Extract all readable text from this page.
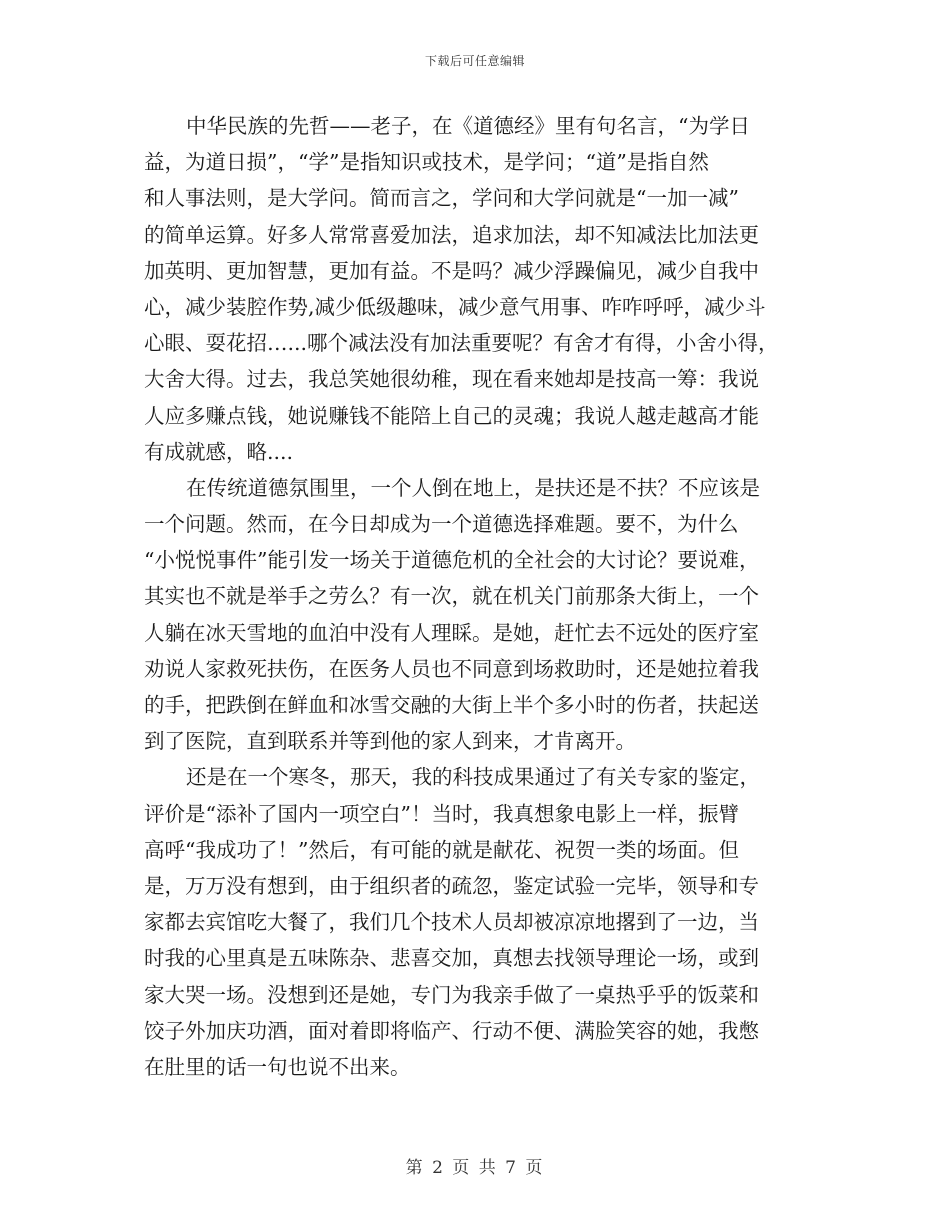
下载后可任意编辑
中华民族的先哲——老子，在《道德经》里有句名言，“为学日
益，为道日损”，“学”是指知识或技术，是学问；“道”是指自然
和人事法则，是大学问。简而言之，学问和大学问就是“一加一减”
的简单运算。好多人常常喜爱加法，追求加法，却不知减法比加法更
加英明、更加智慧，更加有益。不是吗？减少浮躁偏见，减少自我中
心，减少装腔作势,减少低级趣味，减少意气用事、咋咋呼呼，减少斗
心眼、耍花招…...哪个减法没有加法重要呢？有舍才有得，小舍小得，
大舍大得。过去，我总笑她很幼稚，现在看来她却是技高一筹：我说
人应多赚点钱，她说赚钱不能陪上自己的灵魂；我说人越走越高才能
有成就感，略....
在传统道德氛围里，一个人倒在地上，是扶还是不扶？不应该是
一个问题。然而，在今日却成为一个道德选择难题。要不，为什么
“小悦悦事件”能引发一场关于道德危机的全社会的大讨论？要说难，
其实也不就是举手之劳么？有一次，就在机关门前那条大街上，一个
人躺在冰天雪地的血泊中没有人理睬。是她，赶忙去不远处的医疗室
劝说人家救死扶伤，在医务人员也不同意到场救助时，还是她拉着我
的手，把跌倒在鲜血和冰雪交融的大街上半个多小时的伤者，扶起送
到了医院，直到联系并等到他的家人到来，才肯离开。
还是在一个寒冬，那天，我的科技成果通过了有关专家的鉴定，
评价是“添补了国内一项空白”！当时，我真想象电影上一样，振臂
高呼“我成功了！”然后，有可能的就是献花、祝贺一类的场面。但
是，万万没有想到，由于组织者的疏忽，鉴定试验一完毕，领导和专
家都去宾馆吃大餐了，我们几个技术人员却被凉凉地撂到了一边，当
时我的心里真是五味陈杂、悲喜交加，真想去找领导理论一场，或到
家大哭一场。没想到还是她，专门为我亲手做了一桌热乎乎的饭菜和
饺子外加庆功酒，面对着即将临产、行动不便、满脸笑容的她，我憋
在肚里的话一句也说不出来。
第 2 页 共 7 页
